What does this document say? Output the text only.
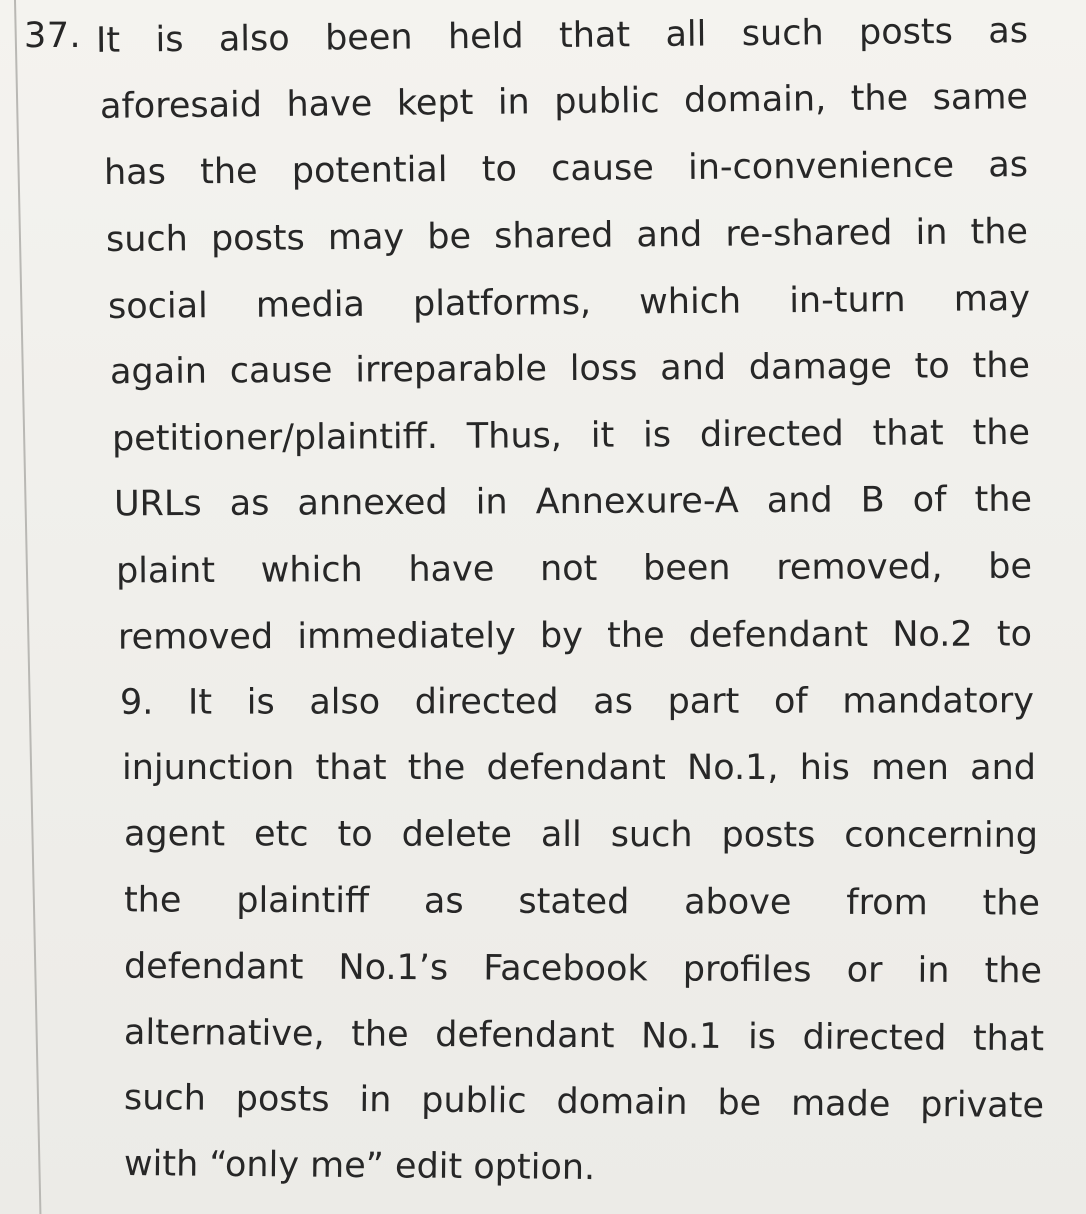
37. It is also been held that all such posts as
aforesaid have kept in public domain, the same
has the potential to cause in-convenience as
such posts may be shared and re-shared in the
social media platforms, which in-turn may
again cause irreparable loss and damage to the
petitioner/plaintiff. Thus, it is directed that the
URLs as annexed in Annexure-A and B of the
plaint which have not been removed, be
removed immediately by the defendant No.2 to
9. It is also directed as part of mandatory
injunction that the defendant No.1, his men and
agent etc to delete all such posts concerning
the plaintiff as stated above from the
defendant No.1’s Facebook profiles or in the
alternative, the defendant No.1 is directed that
such posts in public domain be made private
with “only me” edit option.
